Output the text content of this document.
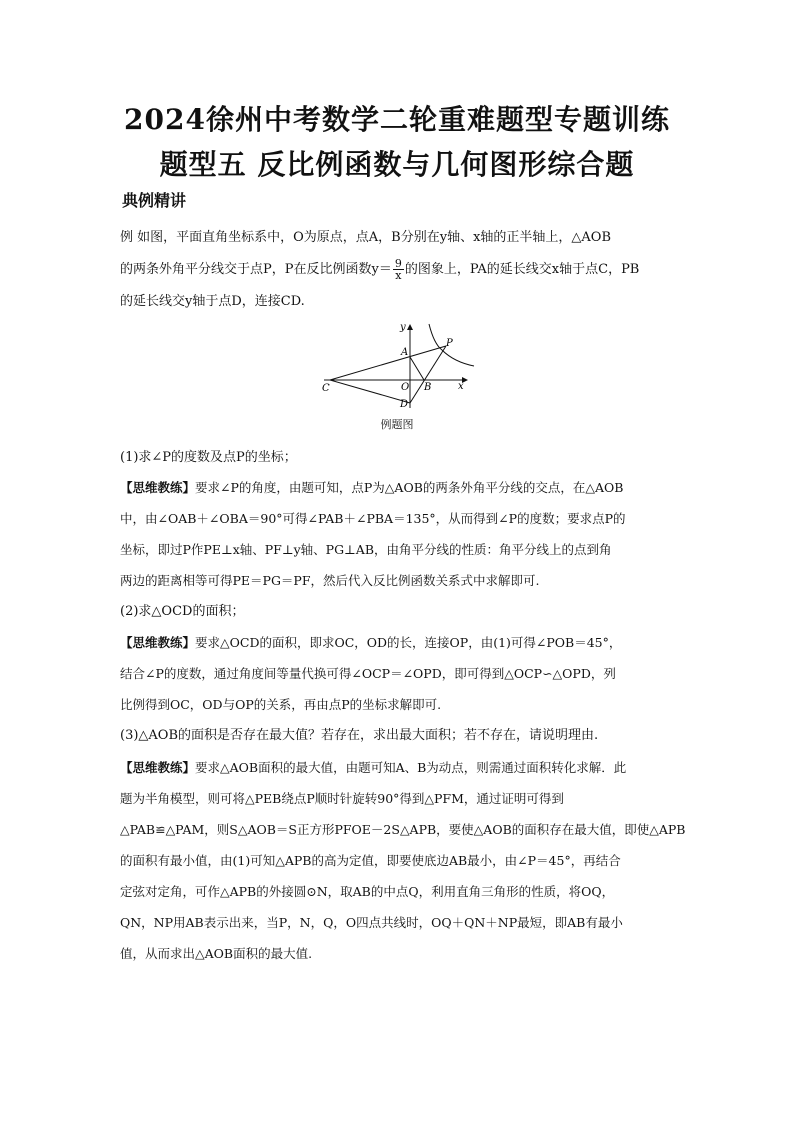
2024徐州中考数学二轮重难题型专题训练
题型五 反比例函数与几何图形综合题
典例精讲
例 如图，平面直角坐标系中，O为原点，点A，B分别在y轴、x轴的正半轴上，△AOB
的两条外角平分线交于点P，P在反比例函数$y= \frac{9}{x}$ 的图象上，PA的延长线交x轴于点C，PB
的延长线交y轴于点D，连接CD.
y
x
A
P
C	O B
D
例题图
(1)求∠P的度数及点P的坐标；
【思维教练】要求∠P的角度，由题可知，点P为△AOB的两条外角平分线的交点，在△AOB
中，由∠OAB＋∠OBA＝90°可得∠PAB＋∠PBA＝135°，从而得到∠P的度数；要求点P的
坐标，即过P作PE⊥x轴、PF⊥y轴、PG⊥AB，由角平分线的性质：角平分线上的点到角
两边的距离相等可得PE＝PG＝PF，然后代入反比例函数关系式中求解即可.
(2)求△OCD的面积；
【思维教练】要求△OCD的面积，即求OC，OD的长，连接OP，由(1)可得∠POB＝45°，
结合∠P的度数，通过角度间等量代换可得∠OCP＝∠OPD，即可得到△OCP∽△OPD，列
比例得到OC，OD与OP的关系，再由点P的坐标求解即可.
(3)△AOB的面积是否存在最大值？若存在，求出最大面积；若不存在，请说明理由.
【思维教练】要求△AOB面积的最大值，由题可知A、B为动点，则需通过面积转化求解．此
题为半角模型，则可将△PEB绕点P顺时针旋转90°得到△PFM，通过证明可得到
△PAB≌△PAM，则S△AOB＝S正方形PFOE－2S△APB，要使△AOB的面积存在最大值，即使△APB
的面积有最小值，由(1)可知△APB的高为定值，即要使底边AB最小，由∠P＝45°，再结合
定弦对定角，可作△APB的外接圆⊙N，取AB的中点Q，利用直角三角形的性质，将OQ，
QN，NP用AB表示出来，当P，N，Q，O四点共线时，OQ＋QN＋NP最短，即AB有最小
值，从而求出△AOB面积的最大值.
